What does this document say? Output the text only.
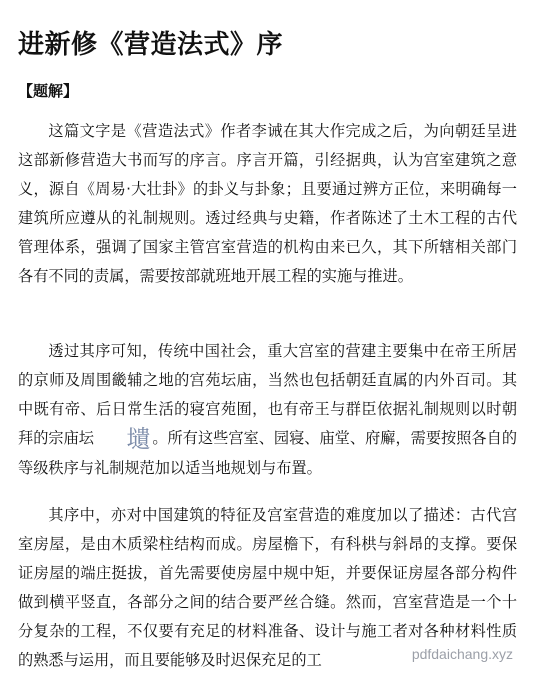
进新修《营造法式》序
【题解】

这篇文字是《营造法式》作者李诫在其大作完成之后，为向朝廷呈进这部新修营造大书而写的序言。序言开篇，引经据典，认为宫室建筑之意义，源自《周易·大壮卦》的卦义与卦象；且要通过辨方正位，来明确每一建筑所应遵从的礼制规则。透过经典与史籍，作者陈述了土木工程的古代管理体系，强调了国家主管宫室营造的机构由来已久，其下所辖相关部门各有不同的责属，需要按部就班地开展工程的实施与推进。

透过其序可知，传统中国社会，重大宫室的营建主要集中在帝王所居的京师及周围畿辅之地的宫苑坛庙，当然也包括朝廷直属的内外百司。其中既有帝、后日常生活的寝宫苑囿，也有帝王与群臣依据礼制规则以时朝拜的宗庙坛 壝 。所有这些宫室、园寝、庙堂、府廨，需要按照各自的等级秩序与礼制规范加以适当地规划与布置。

其序中，亦对中国建筑的特征及宫室营造的难度加以了描述：古代宫室房屋，是由木质梁柱结构而成。房屋檐下，有科栱与斜昂的支撑。要保证房屋的端庄挺拔，首先需要使房屋中规中矩，并要保证房屋各部分构件做到横平竖直，各部分之间的结合要严丝合缝。然而，宫室营造是一个十分复杂的工程，不仅要有充足的材料准备、设计与施工者对各种材料性质的熟悉与运用，而且要能够及时迟保充足的工	pdfdaichang.xyz
